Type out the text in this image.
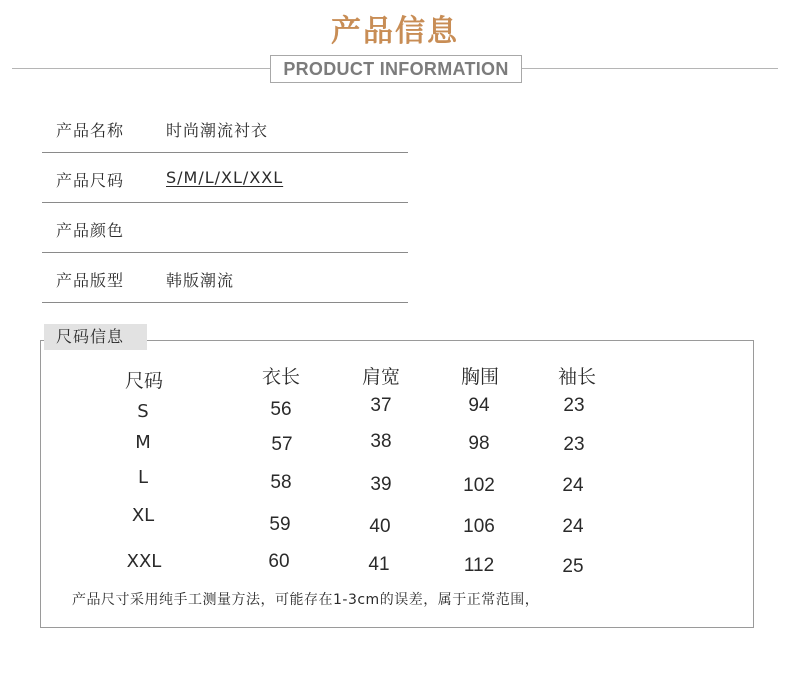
产品信息
PRODUCT INFORMATION
产品名称	时尚潮流衬衣
产品尺码	S/M/L/XL/XXL
产品颜色
产品版型	韩版潮流
尺码信息
尺码	衣长	肩宽	胸围	袖长
S	56	37	94	23
M	57	38	98	23
L	58	39	102	24
XL	59	40	106	24
XXL	60	41	112	25
产品尺寸采用纯手工测量方法，可能存在1-3cm的误差，属于正常范围，
